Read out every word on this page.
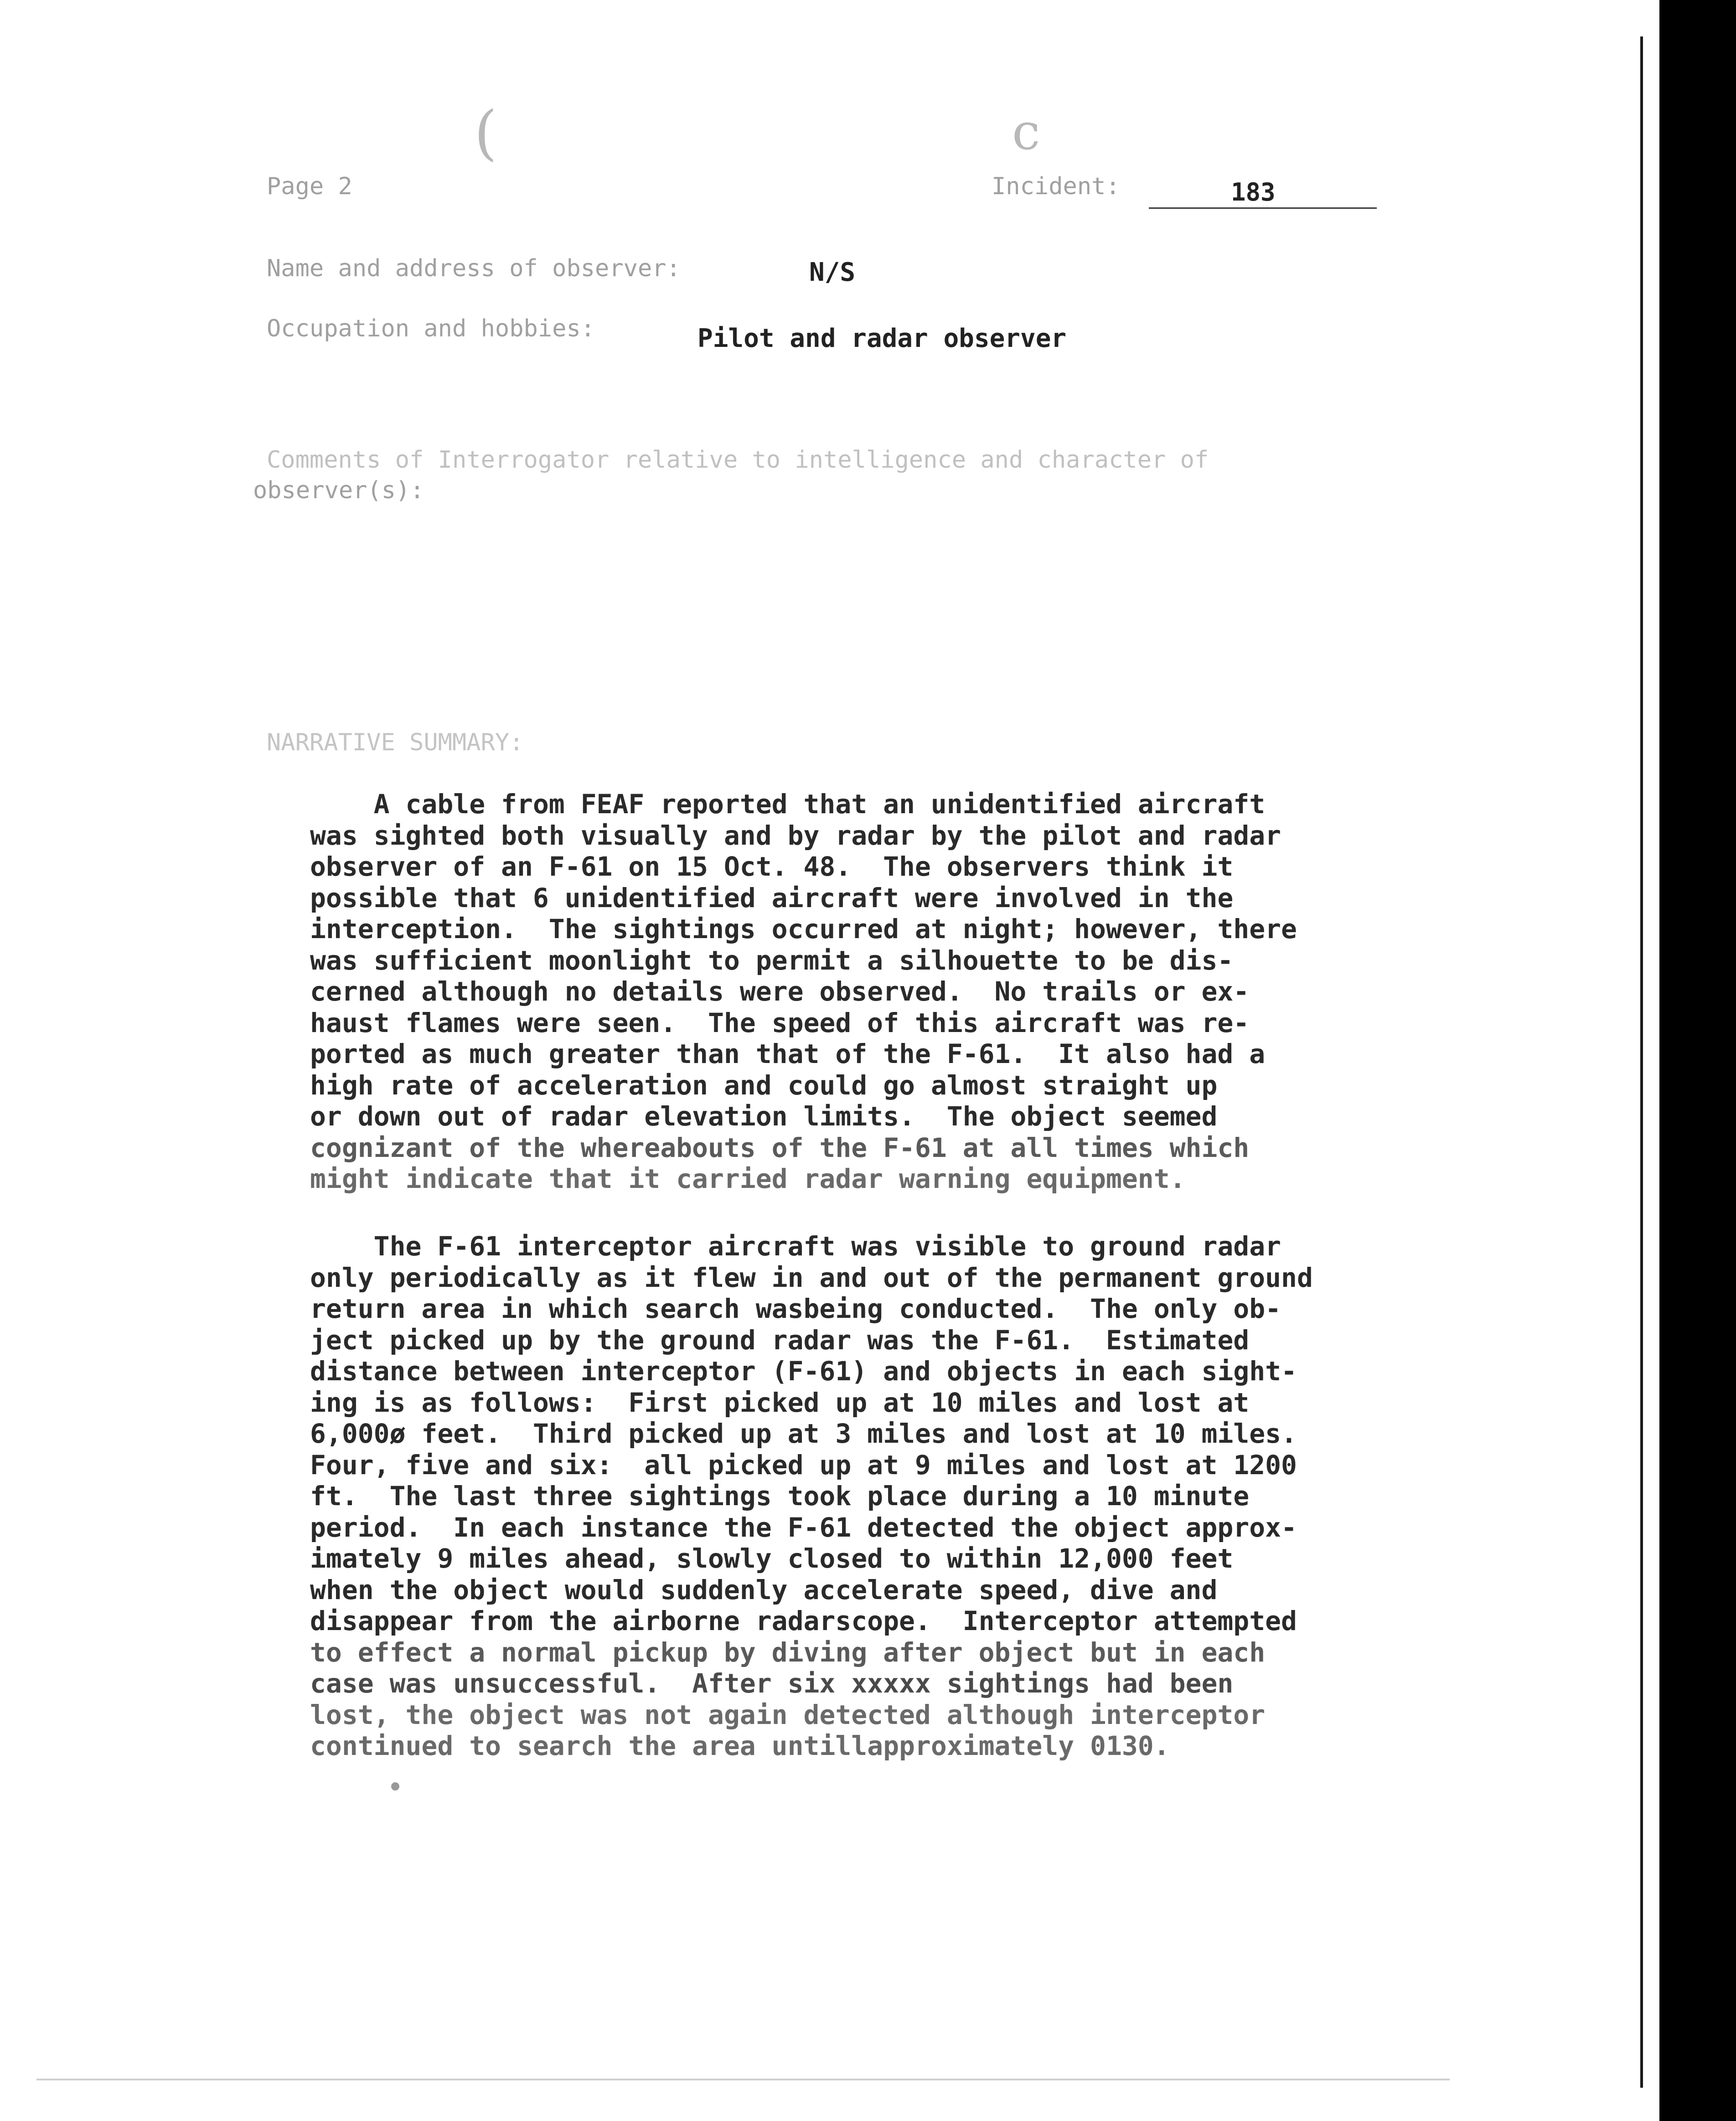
(	c
Page 2	Incident:	183
Name and address of observer:	N/S
Occupation and hobbies:	Pilot and radar observer
Comments of Interrogator relative to intelligence and character of
observer(s):
NARRATIVE SUMMARY:
A cable from FEAF reported that an unidentified aircraft
was sighted both visually and by radar by the pilot and radar
observer of an F-61 on 15 Oct. 48.  The observers think it
possible that 6 unidentified aircraft were involved in the
interception.  The sightings occurred at night; however, there
was sufficient moonlight to permit a silhouette to be dis-
cerned although no details were observed.  No trails or ex-
haust flames were seen.  The speed of this aircraft was re-
ported as much greater than that of the F-61.  It also had a
high rate of acceleration and could go almost straight up
or down out of radar elevation limits.  The object seemed
cognizant of the whereabouts of the F-61 at all times which
might indicate that it carried radar warning equipment.
The F-61 interceptor aircraft was visible to ground radar
only periodically as it flew in and out of the permanent ground
return area in which search wasbeing conducted.  The only ob-
ject picked up by the ground radar was the F-61.  Estimated
distance between interceptor (F-61) and objects in each sight-
ing is as follows:  First picked up at 10 miles and lost at
6,000ø feet.  Third picked up at 3 miles and lost at 10 miles.
Four, five and six:  all picked up at 9 miles and lost at 1200
ft.  The last three sightings took place during a 10 minute
period.  In each instance the F-61 detected the object approx-
imately 9 miles ahead, slowly closed to within 12,000 feet
when the object would suddenly accelerate speed, dive and
disappear from the airborne radarscope.  Interceptor attempted
to effect a normal pickup by diving after object but in each
case was unsuccessful.  After six xxxxx sightings had been
lost, the object was not again detected although interceptor
continued to search the area untillapproximately 0130.
